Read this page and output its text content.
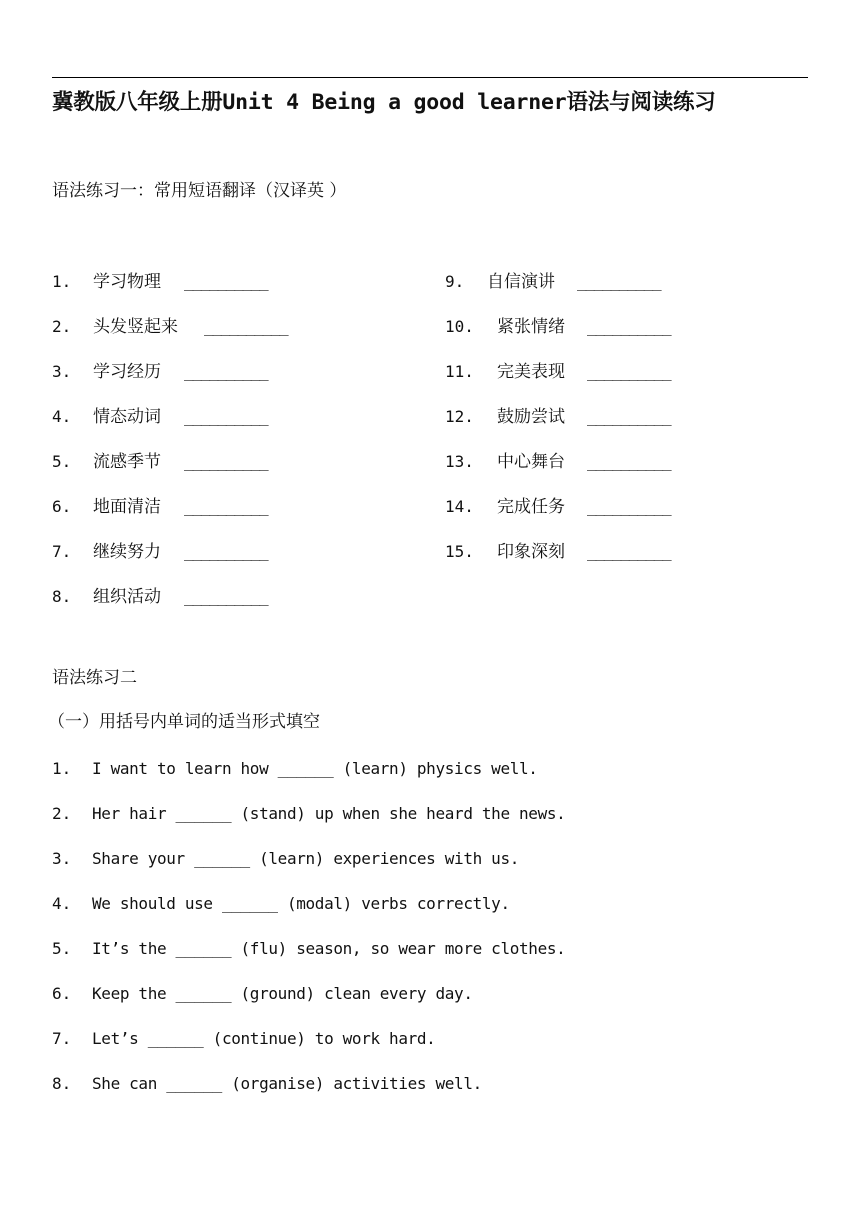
冀教版八年级上册Unit 4 Being a good learner语法与阅读练习
语法练习一：常用短语翻译（汉译英 ）
1. 学习物理 __________
2. 头发竖起来 __________
3. 学习经历 __________
4. 情态动词 __________
5. 流感季节 __________
6. 地面清洁 __________
7. 继续努力 __________
8. 组织活动 __________
9. 自信演讲 __________
10. 紧张情绪 __________
11. 完美表现 __________
12. 鼓励尝试 __________
13. 中心舞台 __________
14. 完成任务 __________
15. 印象深刻 __________
语法练习二
（一）用括号内单词的适当形式填空
1. I want to learn how ______ (learn) physics well.
2. Her hair ______ (stand) up when she heard the news.
3. Share your ______ (learn) experiences with us.
4. We should use ______ (modal) verbs correctly.
5. It’s the ______ (flu) season, so wear more clothes.
6. Keep the ______ (ground) clean every day.
7. Let’s ______ (continue) to work hard.
8. She can ______ (organise) activities well.
